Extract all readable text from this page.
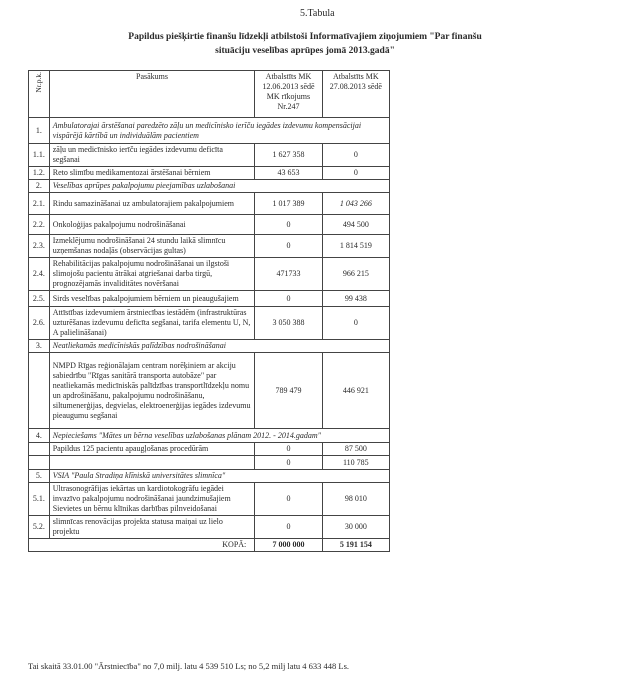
5.Tabula
Papildus piešķirtie finanšu līdzekļi atbilstoši Informatīvajiem ziņojumiem "Par finanšu
situāciju veselības aprūpes jomā 2013.gadā"
Nr.p.k.	Pasākums	Atbalstīts MK 12.06.2013 sēdē MK rīkojums Nr.247	Atbalstīts MK 27.08.2013 sēdē
1.	Ambulatorajai ārstēšanai paredzēto zāļu un medicīnisko ierīču iegādes izdevumu kompensācijai vispārējā kārtībā un individuālām pacientiem		
1.1.	zāļu un medicīnisko ierīču iegādes izdevumu deficīta segšanai	1 627 358	0
1.2.	Reto slimību medikamentozai ārstēšanai bērniem	43 653	0
2.	Veselības aprūpes pakalpojumu pieejamības uzlabošanai		
2.1.	Rindu samazināšanai uz ambulatorajiem pakalpojumiem	1 017 389	1 043 266
2.2.	Onkoloģijas pakalpojumu nodrošināšanai	0	494 500
2.3.	Izmeklējumu nodrošināšanai 24 stundu laikā slimnīcu uzņemšanas nodaļās (observācijas gultas)	0	1 814 519
2.4.	Rehabilitācijas pakalpojumu nodrošināšanai un ilgstoši slimojošu pacientu ātrākai atgriešanai darba tirgū, prognozējamās invaliditātes novēršanai	471733	966 215
2.5.	Sirds veselības pakalpojumiem bērniem un pieaugušajiem	0	99 438
2.6.	Attīstības izdevumiem ārstniecības iestādēm (infrastruktūras uzturēšanas izdevumu deficīta segšanai, tarifa elementu U, N, A palielināšanai)	3 050 388	0
3.	Neatliekamās medicīniskās palīdzības nodrošināšanai		
	NMPD Rīgas reģionālajam centram norēķiniem ar akciju sabiedrību "Rīgas sanitārā transporta autobāze" par neatliekamās medicīniskās palīdzības transportlīdzekļu nomu un apdrošināšanu, pakalpojumu nodrošināšanu, siltumenerģijas, degvielas, elektroenerģijas iegādes izdevumu pieaugumu segšanai	789 479	446 921
4.	Nepieciešams "Mātes un bērna veselības uzlabošanas plānam 2012. - 2014.gadam"		
	Papildus 125 pacientu apaugļošanas procedūrām	0	87 500
		0	110 785
5.	VSIA "Paula Stradiņa klīniskā universitātes slimnīca"		
5.1.	Ultrasonogrāfijas iekārtas un kardiotokogrāfu iegādei invazīvo pakalpojumu nodrošināšanai jaundzimušajiem Sievietes un bērnu klīnikas darbības pilnveidošanai	0	98 010
5.2.	slimnīcas renovācijas projekta statusa maiņai uz lielo projektu	0	30 000
KOPĀ:		7 000 000	5 191 154
Tai skaitā 33.01.00 "Ārstniecība" no 7,0 milj. latu 4 539 510 Ls; no 5,2 milj latu 4 633 448 Ls.
